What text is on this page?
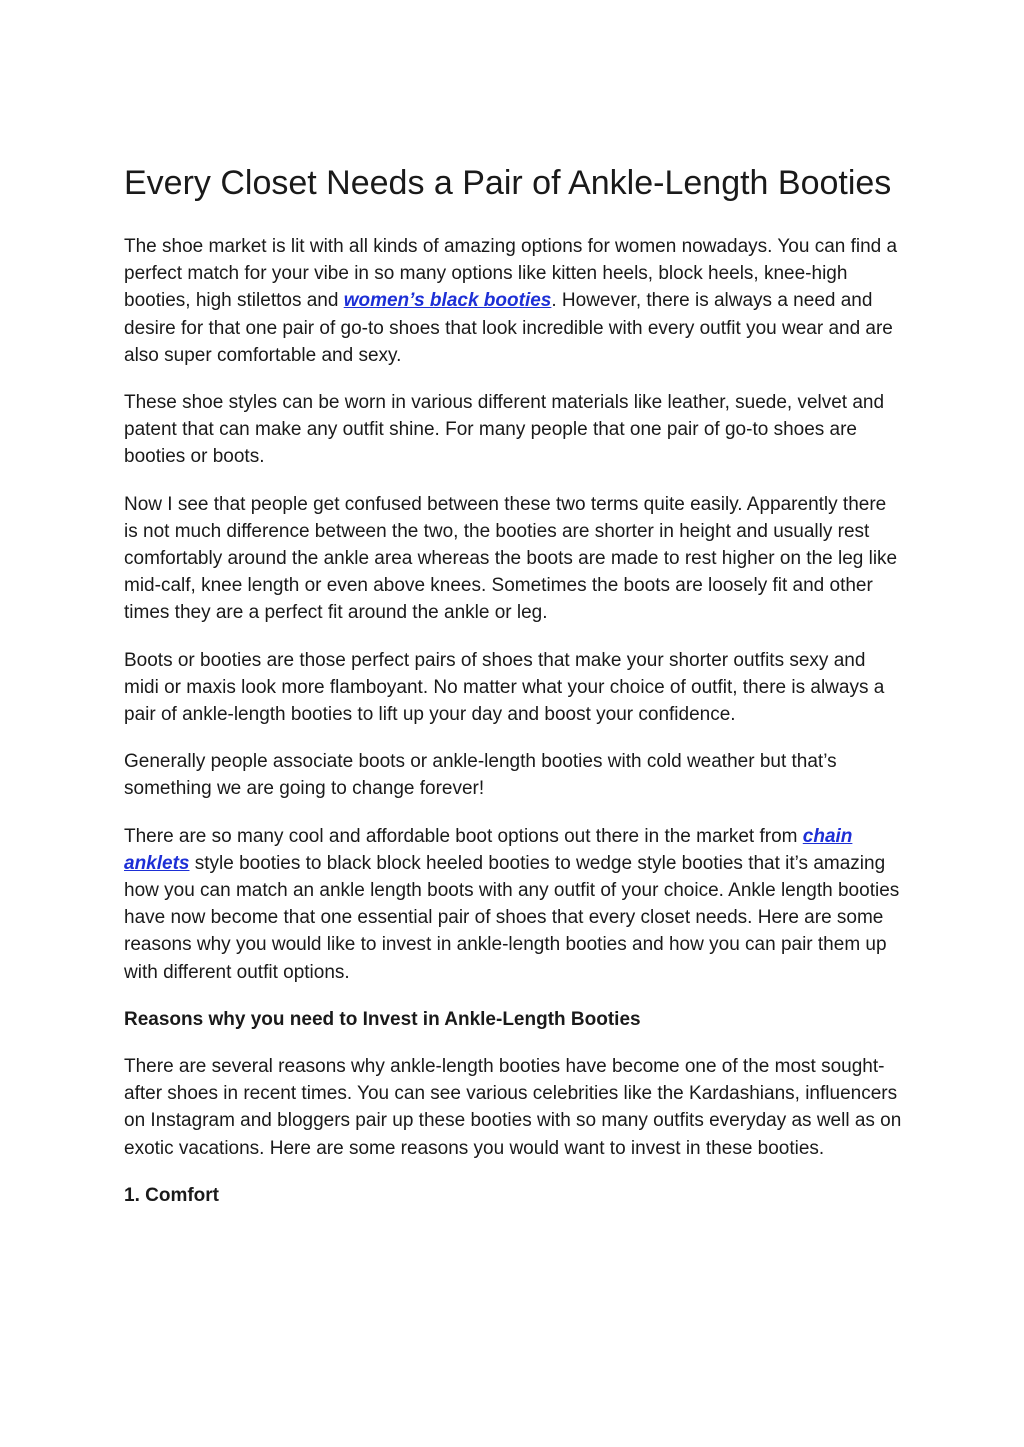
Every Closet Needs a Pair of Ankle-Length Booties

The shoe market is lit with all kinds of amazing options for women nowadays. You can find a perfect match for your vibe in so many options like kitten heels, block heels, knee-high booties, high stilettos and women’s black booties. However, there is always a need and desire for that one pair of go-to shoes that look incredible with every outfit you wear and are also super comfortable and sexy.

These shoe styles can be worn in various different materials like leather, suede, velvet and patent that can make any outfit shine. For many people that one pair of go-to shoes are booties or boots.

Now I see that people get confused between these two terms quite easily. Apparently there is not much difference between the two, the booties are shorter in height and usually rest comfortably around the ankle area whereas the boots are made to rest higher on the leg like mid-calf, knee length or even above knees. Sometimes the boots are loosely fit and other times they are a perfect fit around the ankle or leg.

Boots or booties are those perfect pairs of shoes that make your shorter outfits sexy and midi or maxis look more flamboyant. No matter what your choice of outfit, there is always a pair of ankle-length booties to lift up your day and boost your confidence.

Generally people associate boots or ankle-length booties with cold weather but that’s something we are going to change forever!

There are so many cool and affordable boot options out there in the market from chain anklets style booties to black block heeled booties to wedge style booties that it’s amazing how you can match an ankle length boots with any outfit of your choice. Ankle length booties have now become that one essential pair of shoes that every closet needs. Here are some reasons why you would like to invest in ankle-length booties and how you can pair them up with different outfit options.

Reasons why you need to Invest in Ankle-Length Booties

There are several reasons why ankle-length booties have become one of the most sought-after shoes in recent times. You can see various celebrities like the Kardashians, influencers on Instagram and bloggers pair up these booties with so many outfits everyday as well as on exotic vacations. Here are some reasons you would want to invest in these booties.

1. Comfort
